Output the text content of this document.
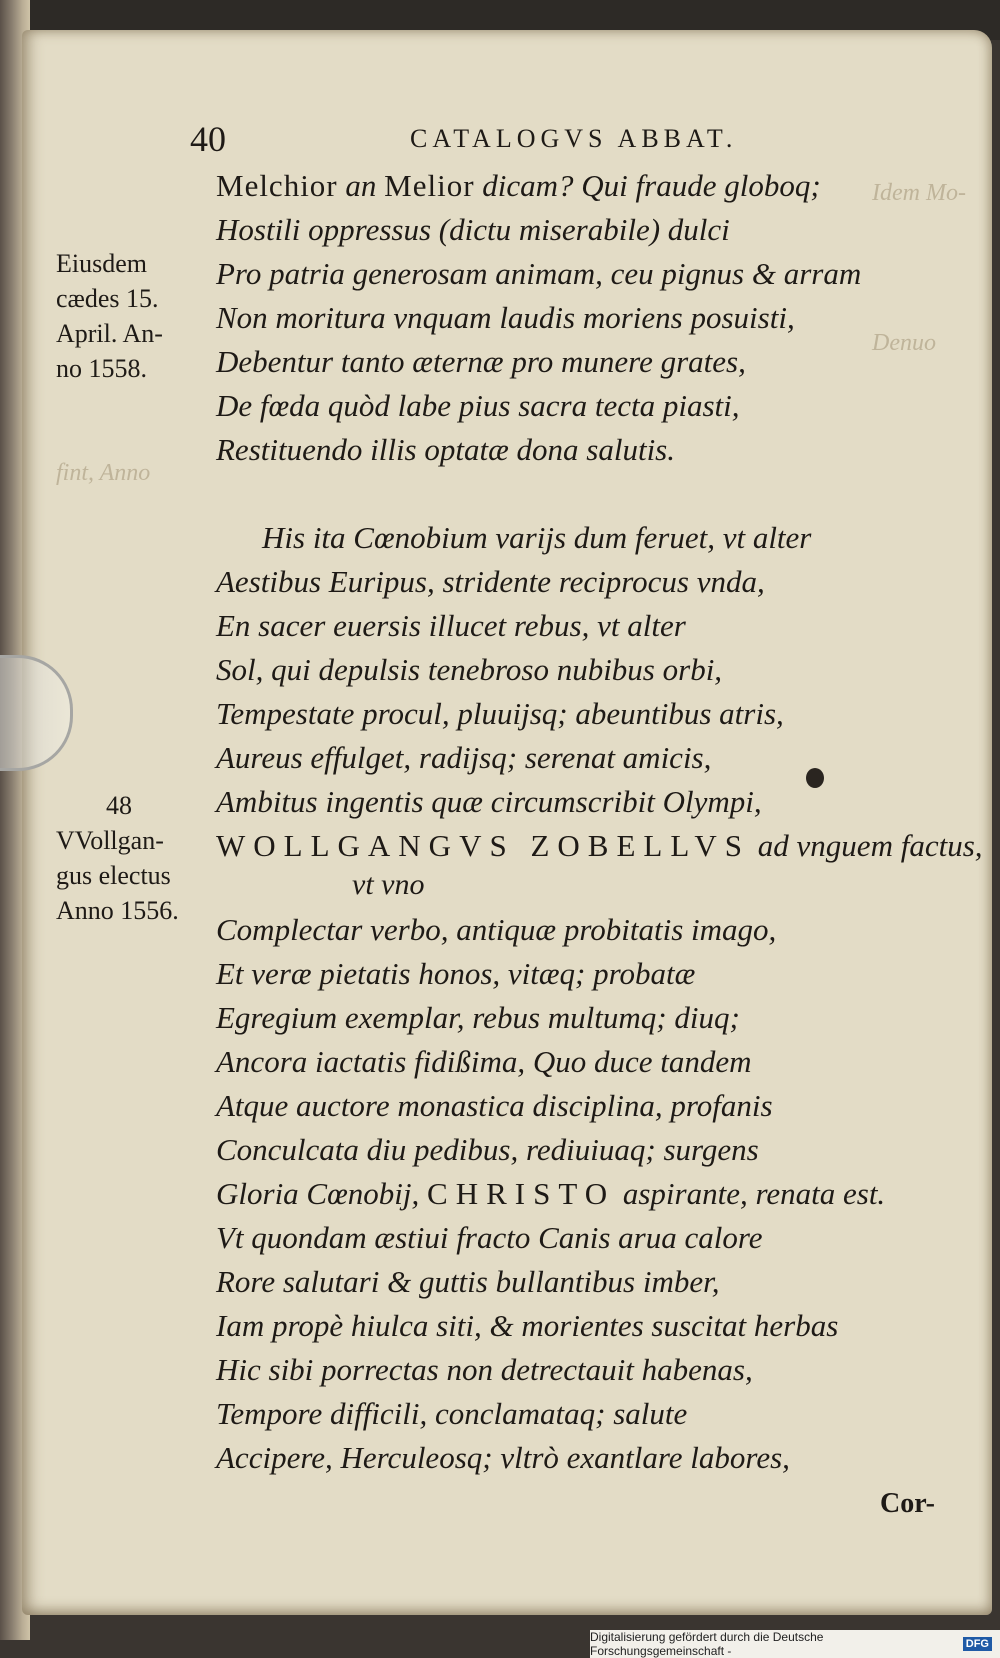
Idem Mo-
Denuo
fint, Anno
40	CATALOGVS ABBAT.
Eiusdem
cædes 15.
April. An-
no 1558.
48
VVollgan-
gus electus
Anno 1556.
Melchior an Melior dicam? Qui fraude globoq;
Hostili oppressus (dictu miserabile) dulci
Pro patria generosam animam, ceu pignus & arram
Non moritura vnquam laudis moriens posuisti,
Debentur tanto æternæ pro munere grates,
De fœda quòd labe pius sacra tecta piasti,
Restituendo illis optatæ dona salutis.
His ita Cœnobium varijs dum feruet, vt alter
Aestibus Euripus, stridente reciprocus vnda,
En sacer euersis illucet rebus, vt alter
Sol, qui depulsis tenebroso nubibus orbi,
Tempestate procul, pluuijsq; abeuntibus atris,
Aureus effulget, radijsq; serenat amicis,
Ambitus ingentis quæ circumscribit Olympi,
WOLLGANGVS ZOBELLVS ad vnguem factus,
vt vno
Complectar verbo, antiquæ probitatis imago,
Et veræ pietatis honos, vitæq; probatæ
Egregium exemplar, rebus multumq; diuq;
Ancora iactatis fidißima, Quo duce tandem
Atque auctore monastica disciplina, profanis
Conculcata diu pedibus, rediuiuaq; surgens
Gloria Cœnobij, CHRISTO aspirante, renata est.
Vt quondam æstiui fracto Canis arua calore
Rore salutari & guttis bullantibus imber,
Iam propè hiulca siti, & morientes suscitat herbas
Hic sibi porrectas non detrectauit habenas,
Tempore difficili, conclamataq; salute
Accipere, Herculeosq; vltrò exantlare labores,
Cor-
Digitalisierung gefördert durch die Deutsche Forschungsgemeinschaft -	DFG
